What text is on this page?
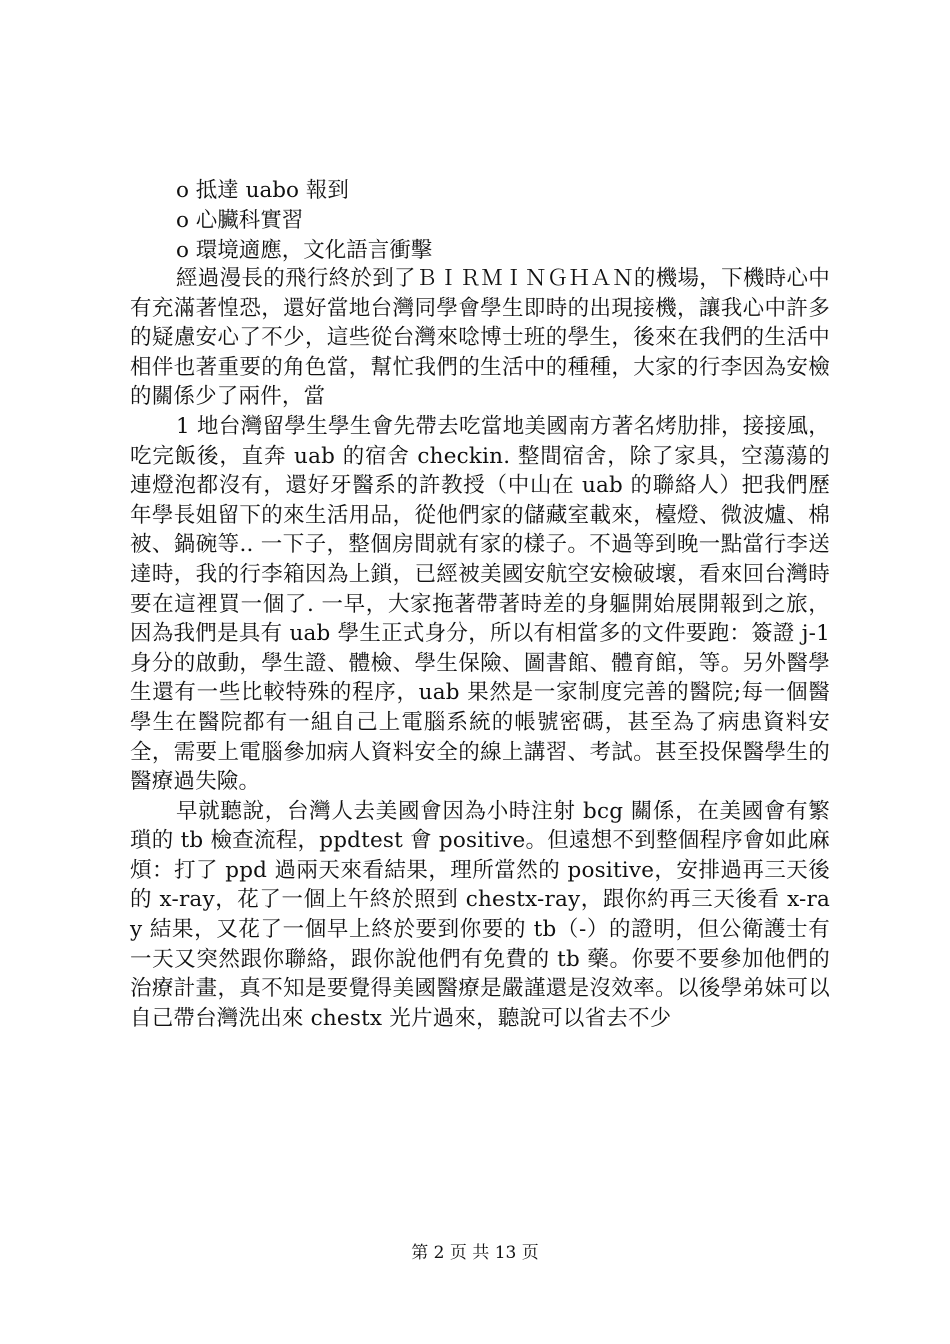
o 抵達 uabo 報到

o 心臟科實習

o 環境適應，文化語言衝擊

經過漫長的飛行終於到了ＢＩＲＭＩＮＧＨＡＮ的機場，下機時心中有充滿著惶恐，還好當地台灣同學會學生即時的出現接機，讓我心中許多的疑慮安心了不少，這些從台灣來唸博士班的學生，後來在我們的生活中相伴也著重要的角色當，幫忙我們的生活中的種種，大家的行李因為安檢的關係少了兩件，當

1 地台灣留學生學生會先帶去吃當地美國南方著名烤肋排，接接風，吃完飯後，直奔 uab 的宿舍 checkin. 整間宿舍，除了家具，空蕩蕩的連燈泡都沒有，還好牙醫系的許教授（中山在 uab 的聯絡人）把我們歷年學長姐留下的來生活用品，從他們家的儲藏室載來，檯燈、微波爐、棉被、鍋碗等.. 一下子，整個房間就有家的樣子。不過等到晚一點當行李送達時，我的行李箱因為上鎖，已經被美國安航空安檢破壞，看來回台灣時要在這裡買一個了. 一早，大家拖著帶著時差的身軀開始展開報到之旅，因為我們是具有 uab 學生正式身分，所以有相當多的文件要跑：簽證 j-1 身分的啟動，學生證、體檢、學生保險、圖書館、體育館，等。另外醫學生還有一些比較特殊的程序，uab 果然是一家制度完善的醫院;每一個醫學生在醫院都有一組自己上電腦系統的帳號密碼，甚至為了病患資料安全，需要上電腦參加病人資料安全的線上講習、考試。甚至投保醫學生的醫療過失險。

早就聽說，台灣人去美國會因為小時注射 bcg 關係，在美國會有繁瑣的 tb 檢查流程，ppdtest 會 positive。但遠想不到整個程序會如此麻煩：打了 ppd 過兩天來看結果，理所當然的 positive，安排過再三天後的 x-ray，花了一個上午終於照到 chestx-ray，跟你約再三天後看 x-ray 結果，又花了一個早上終於要到你要的 tb（-）的證明，但公衛護士有一天又突然跟你聯絡，跟你說他們有免費的 tb 藥。你要不要參加他們的治療計畫，真不知是要覺得美國醫療是嚴謹還是沒效率。以後學弟妹可以自己帶台灣洗出來 chestx 光片過來，聽說可以省去不少

第 2 页 共 13 页
